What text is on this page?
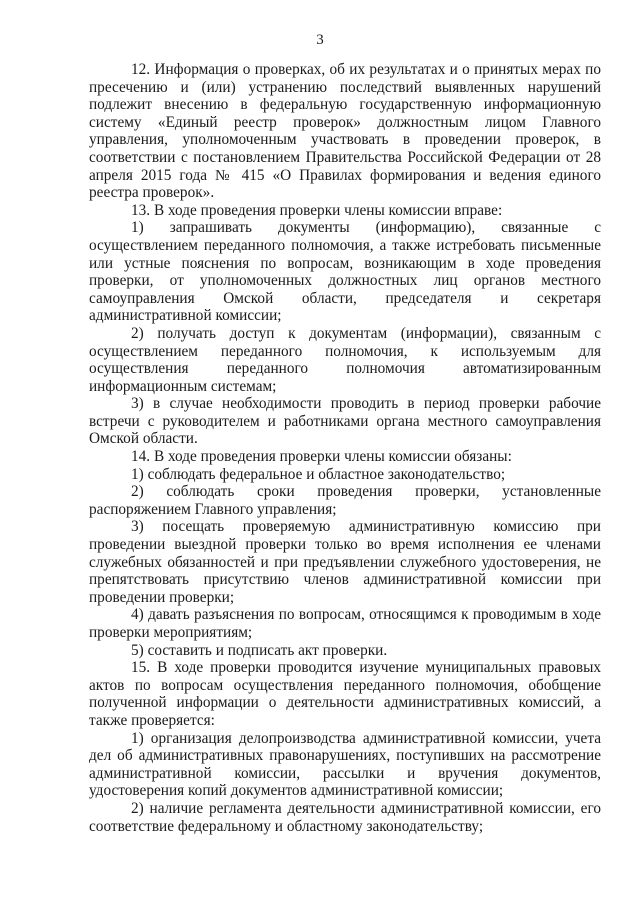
3

12. Информация о проверках, об их результатах и о принятых мерах по пресечению и (или) устранению последствий выявленных нарушений подлежит внесению в федеральную государственную информационную систему «Единый реестр проверок» должностным лицом Главного управления, уполномоченным участвовать в проведении проверок, в соответствии с постановлением Правительства Российской Федерации от 28 апреля 2015 года № 415 «О Правилах формирования и ведения единого реестра проверок».

13. В ходе проведения проверки члены комиссии вправе:

1) запрашивать документы (информацию), связанные с осуществлением переданного полномочия, а также истребовать письменные или устные пояснения по вопросам, возникающим в ходе проведения проверки, от уполномоченных должностных лиц органов местного самоуправления Омской области, председателя и секретаря административной комиссии;

2) получать доступ к документам (информации), связанным с осуществлением переданного полномочия, к используемым для осуществления переданного полномочия автоматизированным информационным системам;

3) в случае необходимости проводить в период проверки рабочие встречи с руководителем и работниками органа местного самоуправления Омской области.

14. В ходе проведения проверки члены комиссии обязаны:

1) соблюдать федеральное и областное законодательство;

2) соблюдать сроки проведения проверки, установленные распоряжением Главного управления;

3) посещать проверяемую административную комиссию при проведении выездной проверки только во время исполнения ее членами служебных обязанностей и при предъявлении служебного удостоверения, не препятствовать присутствию членов административной комиссии при проведении проверки;

4) давать разъяснения по вопросам, относящимся к проводимым в ходе проверки мероприятиям;

5) составить и подписать акт проверки.

15. В ходе проверки проводится изучение муниципальных правовых актов по вопросам осуществления переданного полномочия, обобщение полученной информации о деятельности административных комиссий, а также проверяется:

1) организация делопроизводства административной комиссии, учета дел об административных правонарушениях, поступивших на рассмотрение административной комиссии, рассылки и вручения документов, удостоверения копий документов административной комиссии;

2) наличие регламента деятельности административной комиссии, его соответствие федеральному и областному законодательству;
